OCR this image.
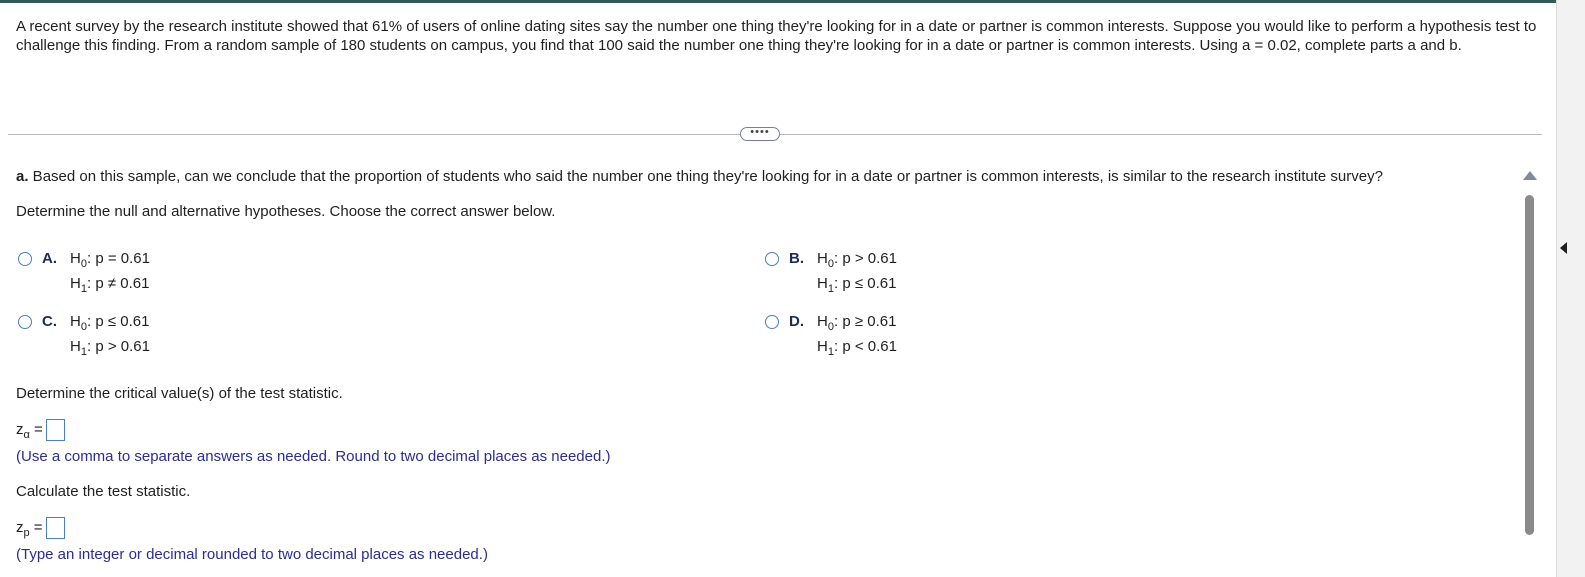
A recent survey by the research institute showed that 61% of users of online dating sites say the number one thing they're looking for in a date or partner is common interests. Suppose you would like to perform a hypothesis test to challenge this finding. From a random sample of 180 students on campus, you find that 100 said the number one thing they're looking for in a date or partner is common interests. Using a = 0.02, complete parts a and b.

••••

a. Based on this sample, can we conclude that the proportion of students who said the number one thing they're looking for in a date or partner is common interests, is similar to the research institute survey?

Determine the null and alternative hypotheses. Choose the correct answer below.

A. $H_0$: p = 0.61
$H_1$: p ≠ 0.61
B. $H_0$: p > 0.61
$H_1$: p ≤ 0.61
C. $H_0$: p ≤ 0.61
$H_1$: p > 0.61
D. $H_0$: p ≥ 0.61
$H_1$: p < 0.61

Determine the critical value(s) of the test statistic.

$z_\alpha$ =

(Use a comma to separate answers as needed. Round to two decimal places as needed.)

Calculate the test statistic.

$z_p$ =

(Type an integer or decimal rounded to two decimal places as needed.)
